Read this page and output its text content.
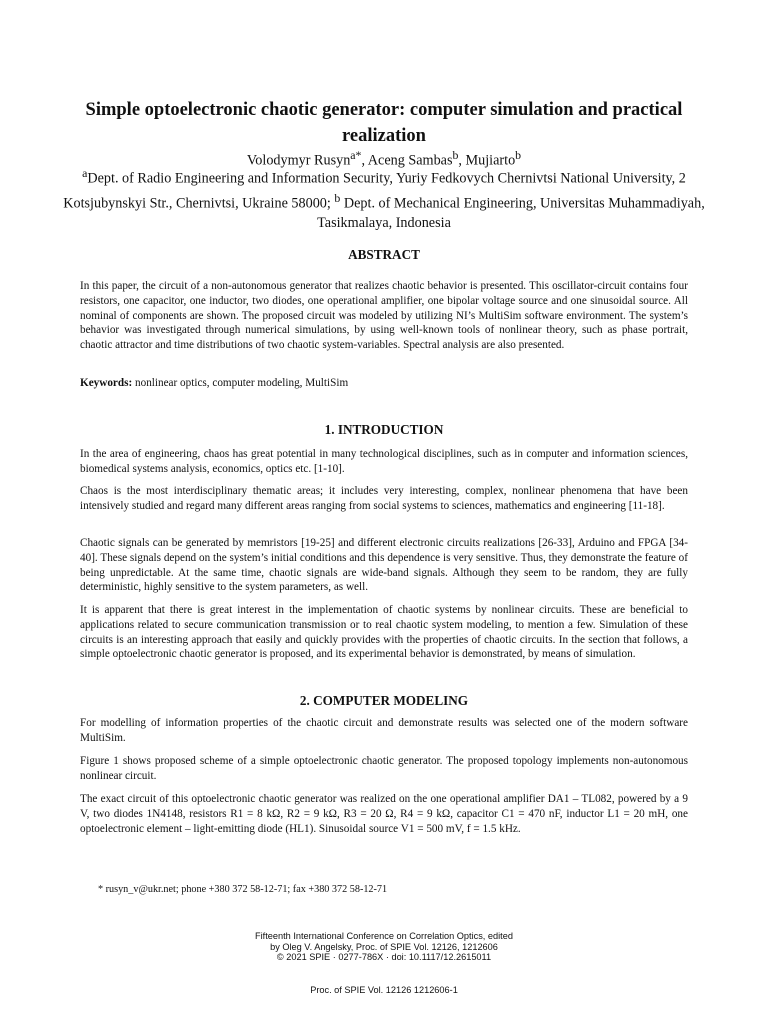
Simple optoelectronic chaotic generator: computer simulation and practical realization
Volodymyr Rusyn$^{a*}$, Aceng Sambas$^b$, Mujiarto$^b$
$^a$Dept. of Radio Engineering and Information Security, Yuriy Fedkovych Chernivtsi National University, 2 Kotsjubynskyi Str., Chernivtsi, Ukraine 58000; $^b$ Dept. of Mechanical Engineering, Universitas Muhammadiyah, Tasikmalaya, Indonesia
ABSTRACT

In this paper, the circuit of a non-autonomous generator that realizes chaotic behavior is presented. This oscillator-circuit contains four resistors, one capacitor, one inductor, two diodes, one operational amplifier, one bipolar voltage source and one sinusoidal source. All nominal of components are shown. The proposed circuit was modeled by utilizing NI’s MultiSim software environment. The system’s behavior was investigated through numerical simulations, by using well-known tools of nonlinear theory, such as phase portrait, chaotic attractor and time distributions of two chaotic system-variables. Spectral analysis are also presented.

Keywords: nonlinear optics, computer modeling, MultiSim

1. INTRODUCTION

In the area of engineering, chaos has great potential in many technological disciplines, such as in computer and information sciences, biomedical systems analysis, economics, optics etc. [1-10].

Chaos is the most interdisciplinary thematic areas; it includes very interesting, complex, nonlinear phenomena that have been intensively studied and regard many different areas ranging from social systems to sciences, mathematics and engineering [11-18].

Chaotic signals can be generated by memristors [19-25] and different electronic circuits realizations [26-33], Arduino and FPGA [34-40]. These signals depend on the system’s initial conditions and this dependence is very sensitive. Thus, they demonstrate the feature of being unpredictable. At the same time, chaotic signals are wide-band signals. Although they seem to be random, they are fully deterministic, highly sensitive to the system parameters, as well.

It is apparent that there is great interest in the implementation of chaotic systems by nonlinear circuits. These are beneficial to applications related to secure communication transmission or to real chaotic system modeling, to mention a few. Simulation of these circuits is an interesting approach that easily and quickly provides with the properties of chaotic circuits. In the section that follows, a simple optoelectronic chaotic generator is proposed, and its experimental behavior is demonstrated, by means of simulation.

2. COMPUTER MODELING

For modelling of information properties of the chaotic circuit and demonstrate results was selected one of the modern software MultiSim.

Figure 1 shows proposed scheme of a simple optoelectronic chaotic generator. The proposed topology implements non-autonomous nonlinear circuit.

The exact circuit of this optoelectronic chaotic generator was realized on the one operational amplifier DA1 – TL082, powered by a 9 V, two diodes 1N4148, resistors R1 = 8 kΩ, R2 = 9 kΩ, R3 = 20 Ω, R4 = 9 kΩ, capacitor C1 = 470 nF, inductor L1 = 20 mH, one optoelectronic element – light-emitting diode (HL1). Sinusoidal source V1 = 500 mV, f = 1.5 kHz.

* rusyn_v@ukr.net; phone +380 372 58-12-71; fax +380 372 58-12-71
Fifteenth International Conference on Correlation Optics, edited
by Oleg V. Angelsky, Proc. of SPIE Vol. 12126, 1212606
© 2021 SPIE · 0277-786X · doi: 10.1117/12.2615011
Proc. of SPIE Vol. 12126 1212606-1
